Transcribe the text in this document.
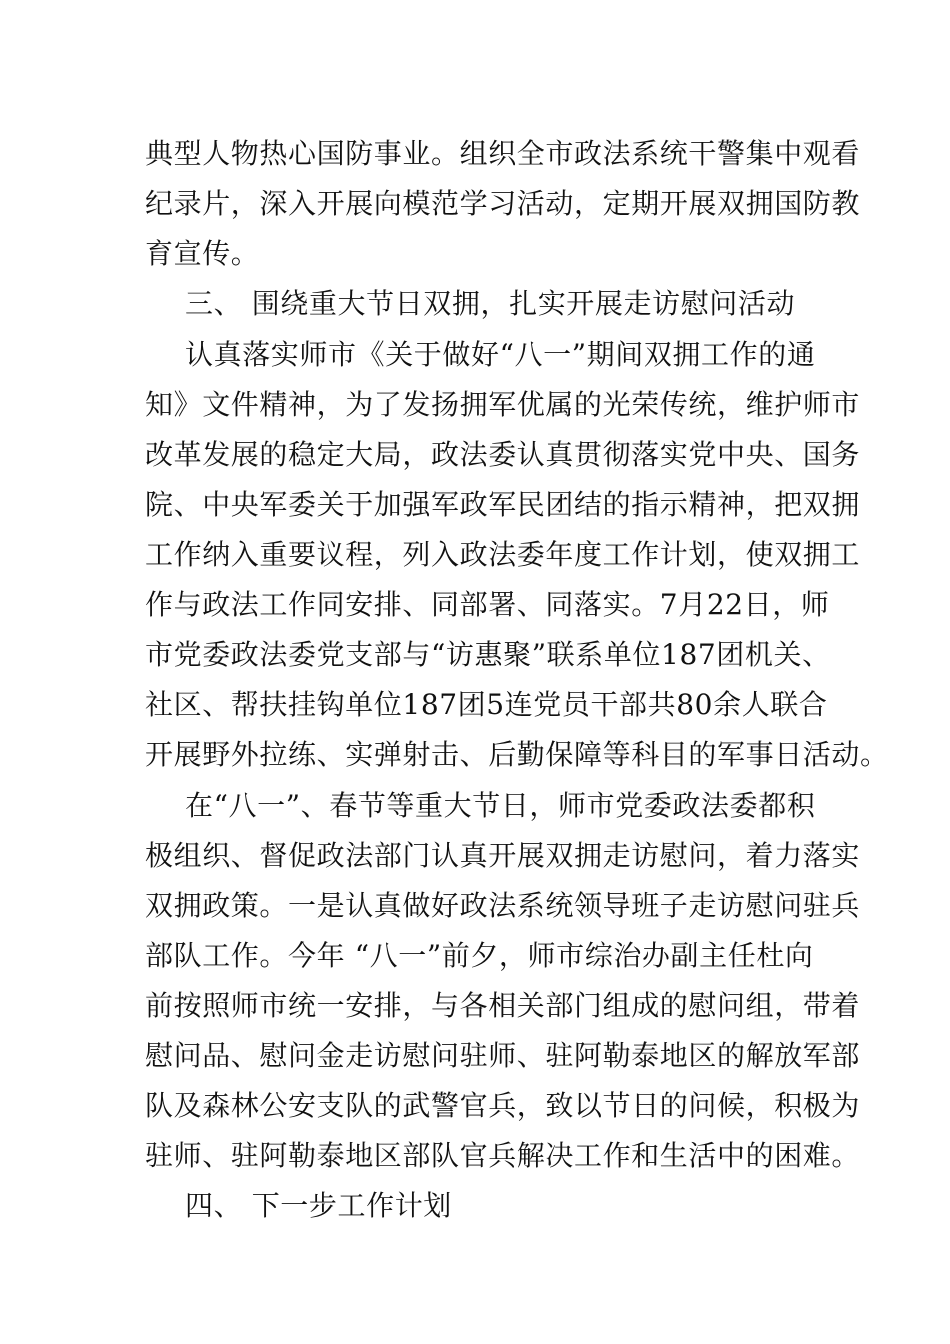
典型人物热心国防事业。组织全市政法系统干警集中观看
纪录片，深入开展向模范学习活动，定期开展双拥国防教
育宣传。
三、 围绕重大节日双拥，扎实开展走访慰问活动
认真落实师市《关于做好“八一”期间双拥工作的通
知》文件精神，为了发扬拥军优属的光荣传统，维护师市
改革发展的稳定大局，政法委认真贯彻落实党中央、国务
院、中央军委关于加强军政军民团结的指示精神，把双拥
工作纳入重要议程，列入政法委年度工作计划，使双拥工
作与政法工作同安排、同部署、同落实。7月22日，师
市党委政法委党支部与“访惠聚”联系单位187团机关、
社区、帮扶挂钩单位187团5连党员干部共80余人联合
开展野外拉练、实弹射击、后勤保障等科目的军事日活动。
在“八一”、春节等重大节日，师市党委政法委都积
极组织、督促政法部门认真开展双拥走访慰问，着力落实
双拥政策。一是认真做好政法系统领导班子走访慰问驻兵
部队工作。今年 “八一”前夕，师市综治办副主任杜向
前按照师市统一安排，与各相关部门组成的慰问组，带着
慰问品、慰问金走访慰问驻师、驻阿勒泰地区的解放军部
队及森林公安支队的武警官兵，致以节日的问候，积极为
驻师、驻阿勒泰地区部队官兵解决工作和生活中的困难。
四、 下一步工作计划
